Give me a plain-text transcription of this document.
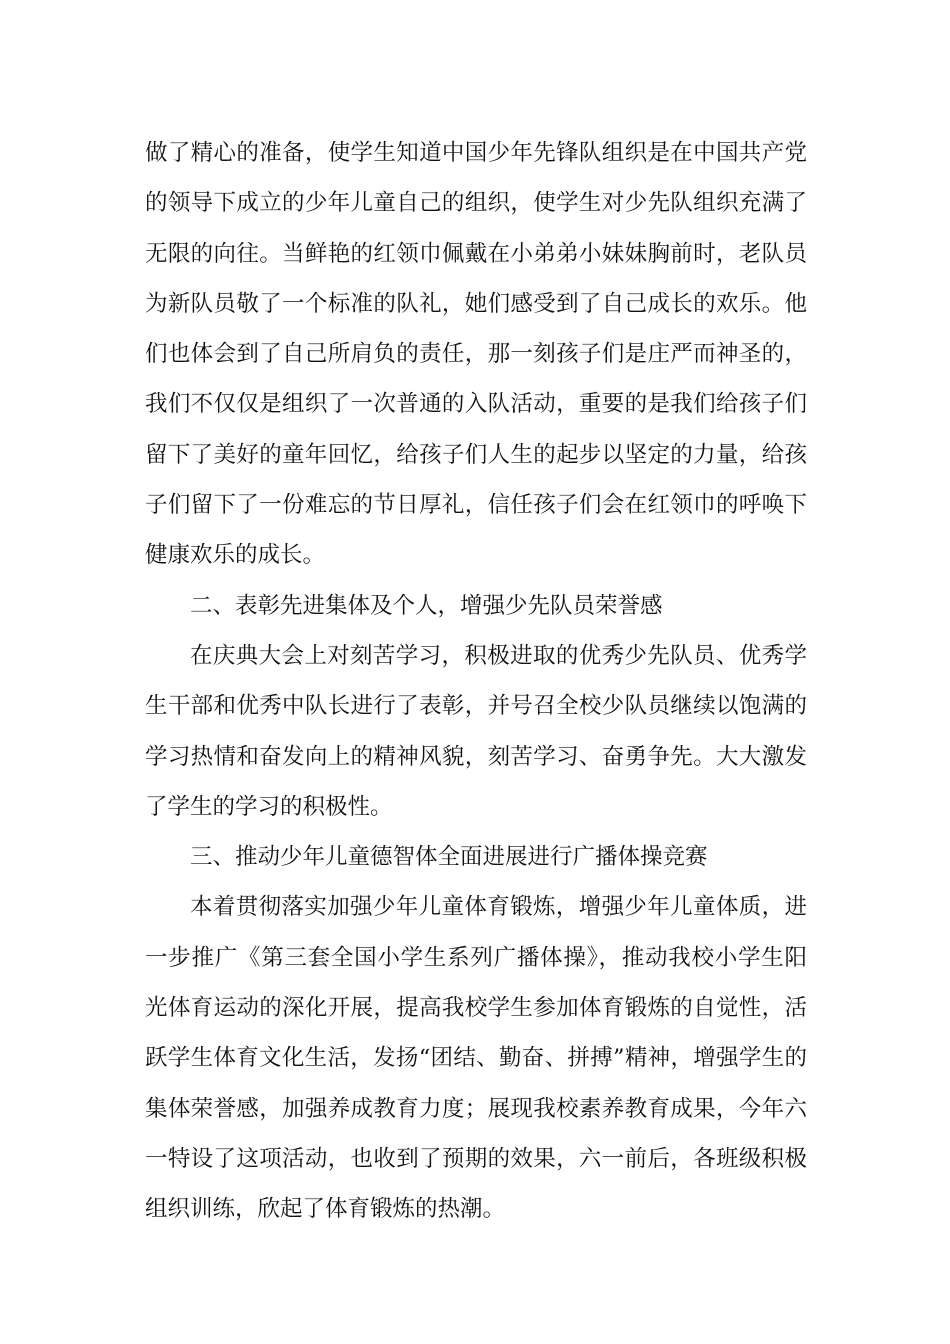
做了精心的准备，使学生知道中国少年先锋队组织是在中国共产党的领导下成立的少年儿童自己的组织，使学生对少先队组织充满了无限的向往。当鲜艳的红领巾佩戴在小弟弟小妹妹胸前时，老队员为新队员敬了一个标准的队礼，她们感受到了自己成长的欢乐。他们也体会到了自己所肩负的责任，那一刻孩子们是庄严而神圣的，我们不仅仅是组织了一次普通的入队活动，重要的是我们给孩子们留下了美好的童年回忆，给孩子们人生的起步以坚定的力量，给孩子们留下了一份难忘的节日厚礼，信任孩子们会在红领巾的呼唤下健康欢乐的成长。

二、表彰先进集体及个人，增强少先队员荣誉感

在庆典大会上对刻苦学习，积极进取的优秀少先队员、优秀学生干部和优秀中队长进行了表彰，并号召全校少队员继续以饱满的学习热情和奋发向上的精神风貌，刻苦学习、奋勇争先。大大激发了学生的学习的积极性。

三、推动少年儿童德智体全面进展进行广播体操竞赛

本着贯彻落实加强少年儿童体育锻炼，增强少年儿童体质，进一步推广《第三套全国小学生系列广播体操》，推动我校小学生阳光体育运动的深化开展，提高我校学生参加体育锻炼的自觉性，活跃学生体育文化生活，发扬“团结、勤奋、拼搏”精神，增强学生的集体荣誉感，加强养成教育力度；展现我校素养教育成果，今年六一特设了这项活动，也收到了预期的效果，六一前后，各班级积极组织训练，欣起了体育锻炼的热潮。
